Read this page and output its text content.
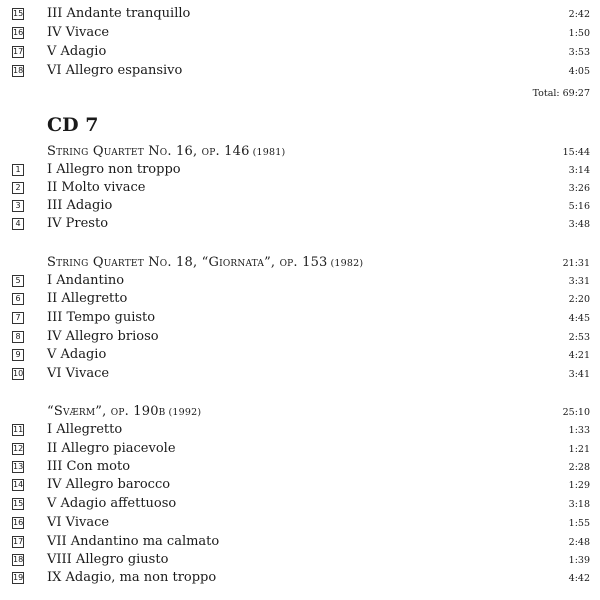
15 III Andante tranquillo	2:42
16 IV Vivace	1:50
17 V Adagio	3:53
18 VI Allegro espansivo	4:05
Total: 69:27
CD 7
String Quartet No. 16, op. 146 (1981)	15:44
1 I Allegro non troppo	3:14
2 II Molto vivace	3:26
3 III Adagio	5:16
4 IV Presto	3:48
String Quartet No. 18, “Giornata”, op. 153 (1982)	21:31
5 I Andantino	3:31
6 II Allegretto	2:20
7 III Tempo guisto	4:45
8 IV Allegro brioso	2:53
9 V Adagio	4:21
10 VI Vivace	3:41
“Sværm”, op. 190b (1992)	25:10
11 I Allegretto	1:33
12 II Allegro piacevole	1:21
13 III Con moto	2:28
14 IV Allegro barocco	1:29
15 V Adagio affettuoso	3:18
16 VI Vivace	1:55
17 VII Andantino ma calmato	2:48
18 VIII Allegro giusto	1:39
19 IX Adagio, ma non troppo	4:42
